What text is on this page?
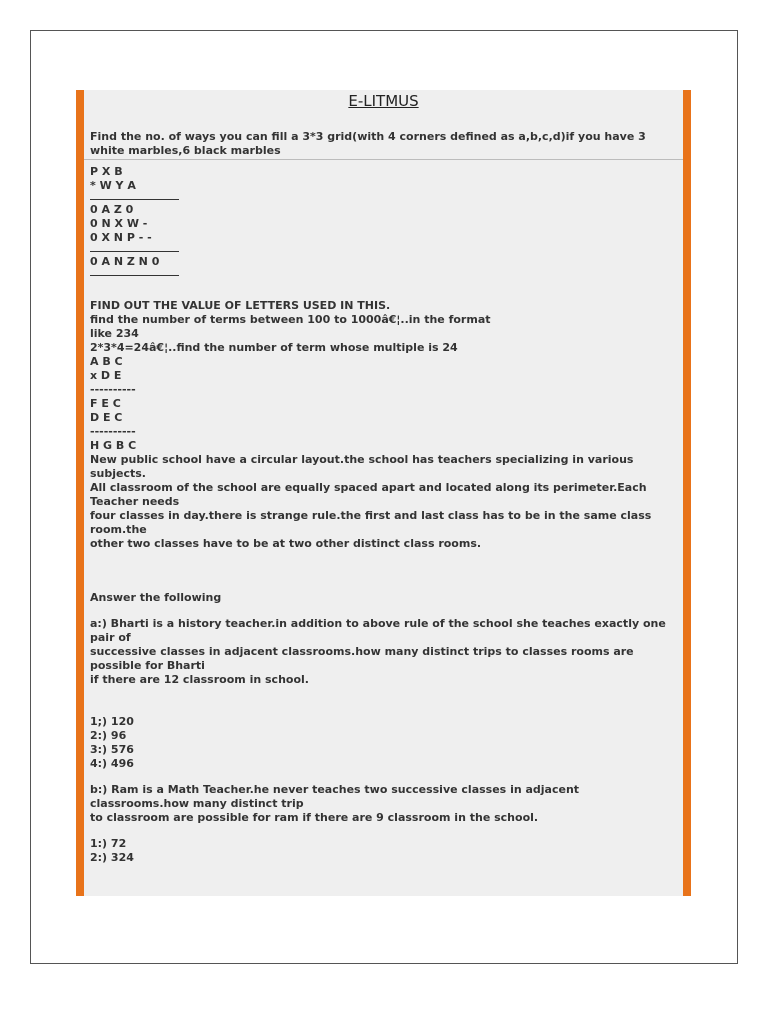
E-LITMUS

Find the no. of ways you can fill a 3*3 grid(with 4 corners defined as a,b,c,d)if you have 3 white marbles,6 black marbles

P X B

* W Y A

0 A Z 0

0 N X W -

0 X N P - -

0 A N Z N 0

FIND OUT THE VALUE OF LETTERS USED IN THIS.

find the number of terms between 100 to 1000â€¦..in the format

like 234

2*3*4=24â€¦..find the number of term whose multiple is 24

A B C

x D E

----------

F E C

D E C

----------

H G B C

New public school have a circular layout.the school has teachers specializing in various subjects.
All classroom of the school are equally spaced apart and located along its perimeter.Each Teacher needs
four classes in day.there is strange rule.the first and last class has to be in the same class room.the
other two classes have to be at two other distinct class rooms.

Answer the following

a:) Bharti is a history teacher.in addition to above rule of the school she teaches exactly one pair of
successive classes in adjacent classrooms.how many distinct trips to classes rooms are possible for Bharti
if there are 12 classroom in school.

1;) 120

2:) 96

3:) 576

4:) 496

b:) Ram is a Math Teacher.he never teaches two successive classes in adjacent classrooms.how many distinct trip
to classroom are possible for ram if there are 9 classroom in the school.

1:) 72

2:) 324
